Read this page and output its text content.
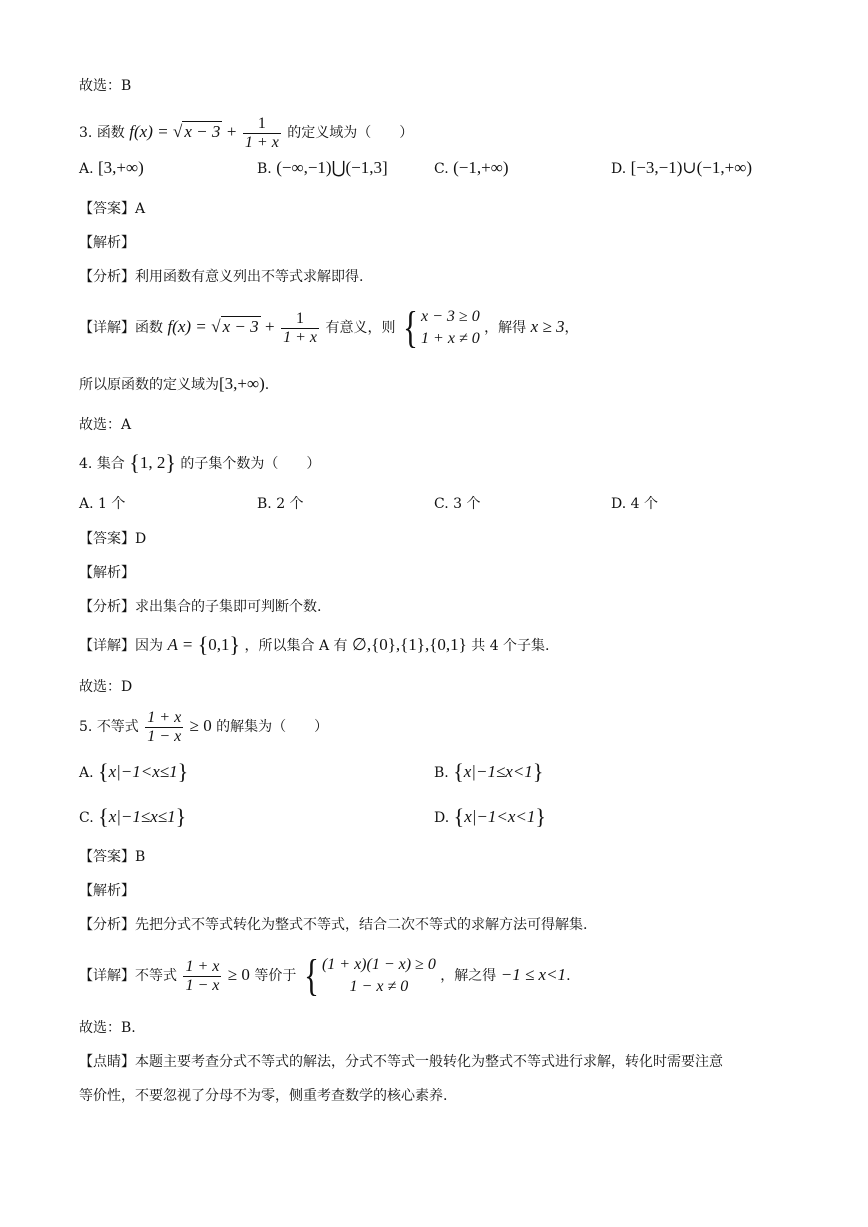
故选：B
3. 函数 f(x) = √ $x - 3 + \frac{1}{1 + x}$ 的定义域为（　　）
A. [3,+∞)	B. (−∞,−1)⋃(−1,3]	C. (−1,+∞)	D. [−3,−1)∪(−1,+∞)
【答案】A
【解析】
【分析】利用函数有意义列出不等式求解即得.
【详解】函数 f(x) = √ $x - 3 + \frac{1}{1 + x}$ 有意义，则 { x − 3 ≥ 0
1 + x ≠ 0
，解得 x ≥ 3，
所以原函数的定义域为[3,+∞).
故选：A
4. 集合 {1, 2} 的子集个数为（　　）
A. 1 个	B. 2 个	C. 3 个	D. 4 个
【答案】D
【解析】
【分析】求出集合的子集即可判断个数.
【详解】因为 A = {0,1} ，所以集合 A 有 ∅,{0},{1},{0,1} 共 4 个子集.
故选：D
5. 不等式 $\frac{1 + x}{1 - x} \ge 0$ 的解集为（　　）
A. {x|−1<x≤1}	B. {x|−1≤x<1}
C. {x|−1≤x≤1}	D. {x|−1<x<1}
【答案】B
【解析】
【分析】先把分式不等式转化为整式不等式，结合二次不等式的求解方法可得解集.
【详解】不等式 $\frac{1 + x}{1 - x} \ge 0$ 等价于 { (1 + x)(1 − x) ≥ 0
1 − x ≠ 0
，解之得 −1 ≤ x<1.
故选：B.
【点睛】本题主要考查分式不等式的解法，分式不等式一般转化为整式不等式进行求解，转化时需要注意
等价性，不要忽视了分母不为零，侧重考查数学的核心素养.
